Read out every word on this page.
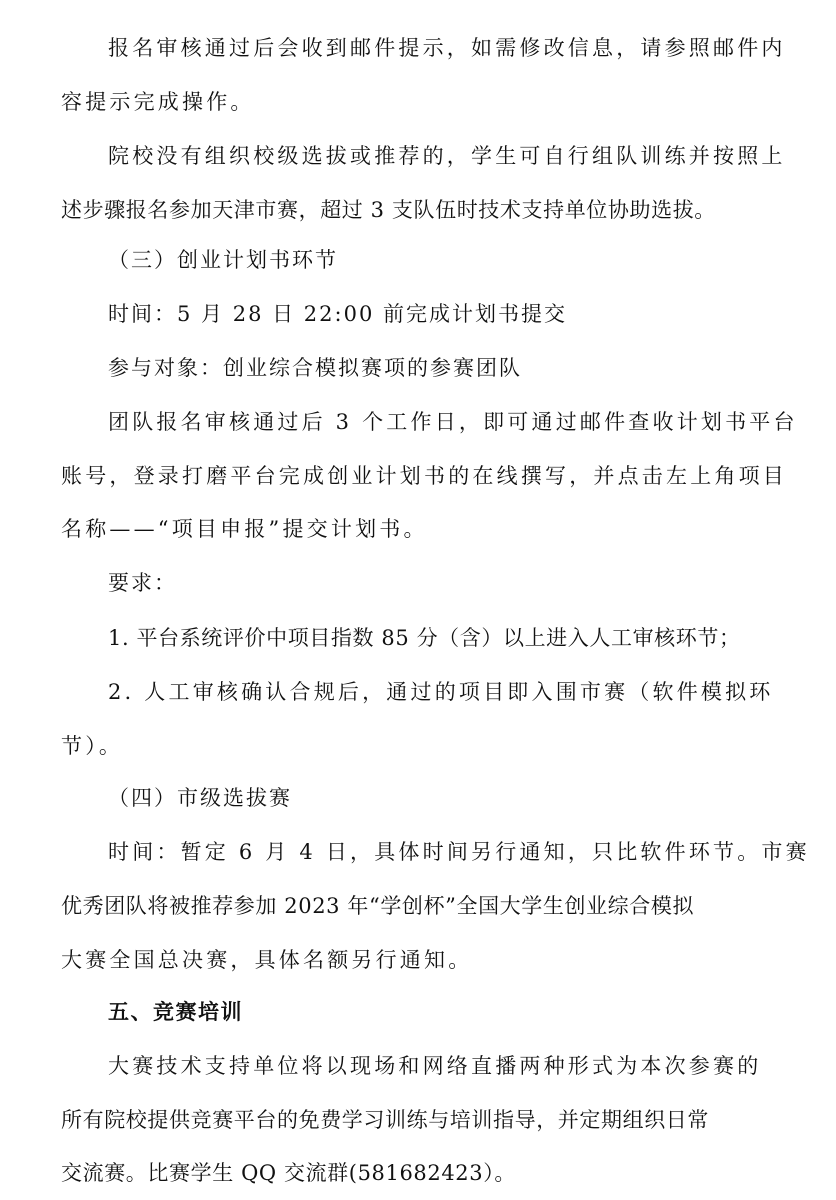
报名审核通过后会收到邮件提示，如需修改信息，请参照邮件内
容提示完成操作。
院校没有组织校级选拔或推荐的，学生可自行组队训练并按照上
述步骤报名参加天津市赛，超过 3 支队伍时技术支持单位协助选拔。
（三）创业计划书环节
时间：5 月 28 日 22:00 前完成计划书提交
参与对象：创业综合模拟赛项的参赛团队
团队报名审核通过后 3 个工作日，即可通过邮件查收计划书平台
账号，登录打磨平台完成创业计划书的在线撰写，并点击左上角项目
名称——“项目申报”提交计划书。
要求：
1. 平台系统评价中项目指数 85 分（含）以上进入人工审核环节；
2. 人工审核确认合规后，通过的项目即入围市赛（软件模拟环
节）。
（四）市级选拔赛
时间：暂定 6 月 4 日，具体时间另行通知，只比软件环节。市赛
优秀团队将被推荐参加 2023 年“学创杯”全国大学生创业综合模拟
大赛全国总决赛，具体名额另行通知。
五、竞赛培训
大赛技术支持单位将以现场和网络直播两种形式为本次参赛的
所有院校提供竞赛平台的免费学习训练与培训指导，并定期组织日常
交流赛。比赛学生 QQ 交流群(581682423）。
